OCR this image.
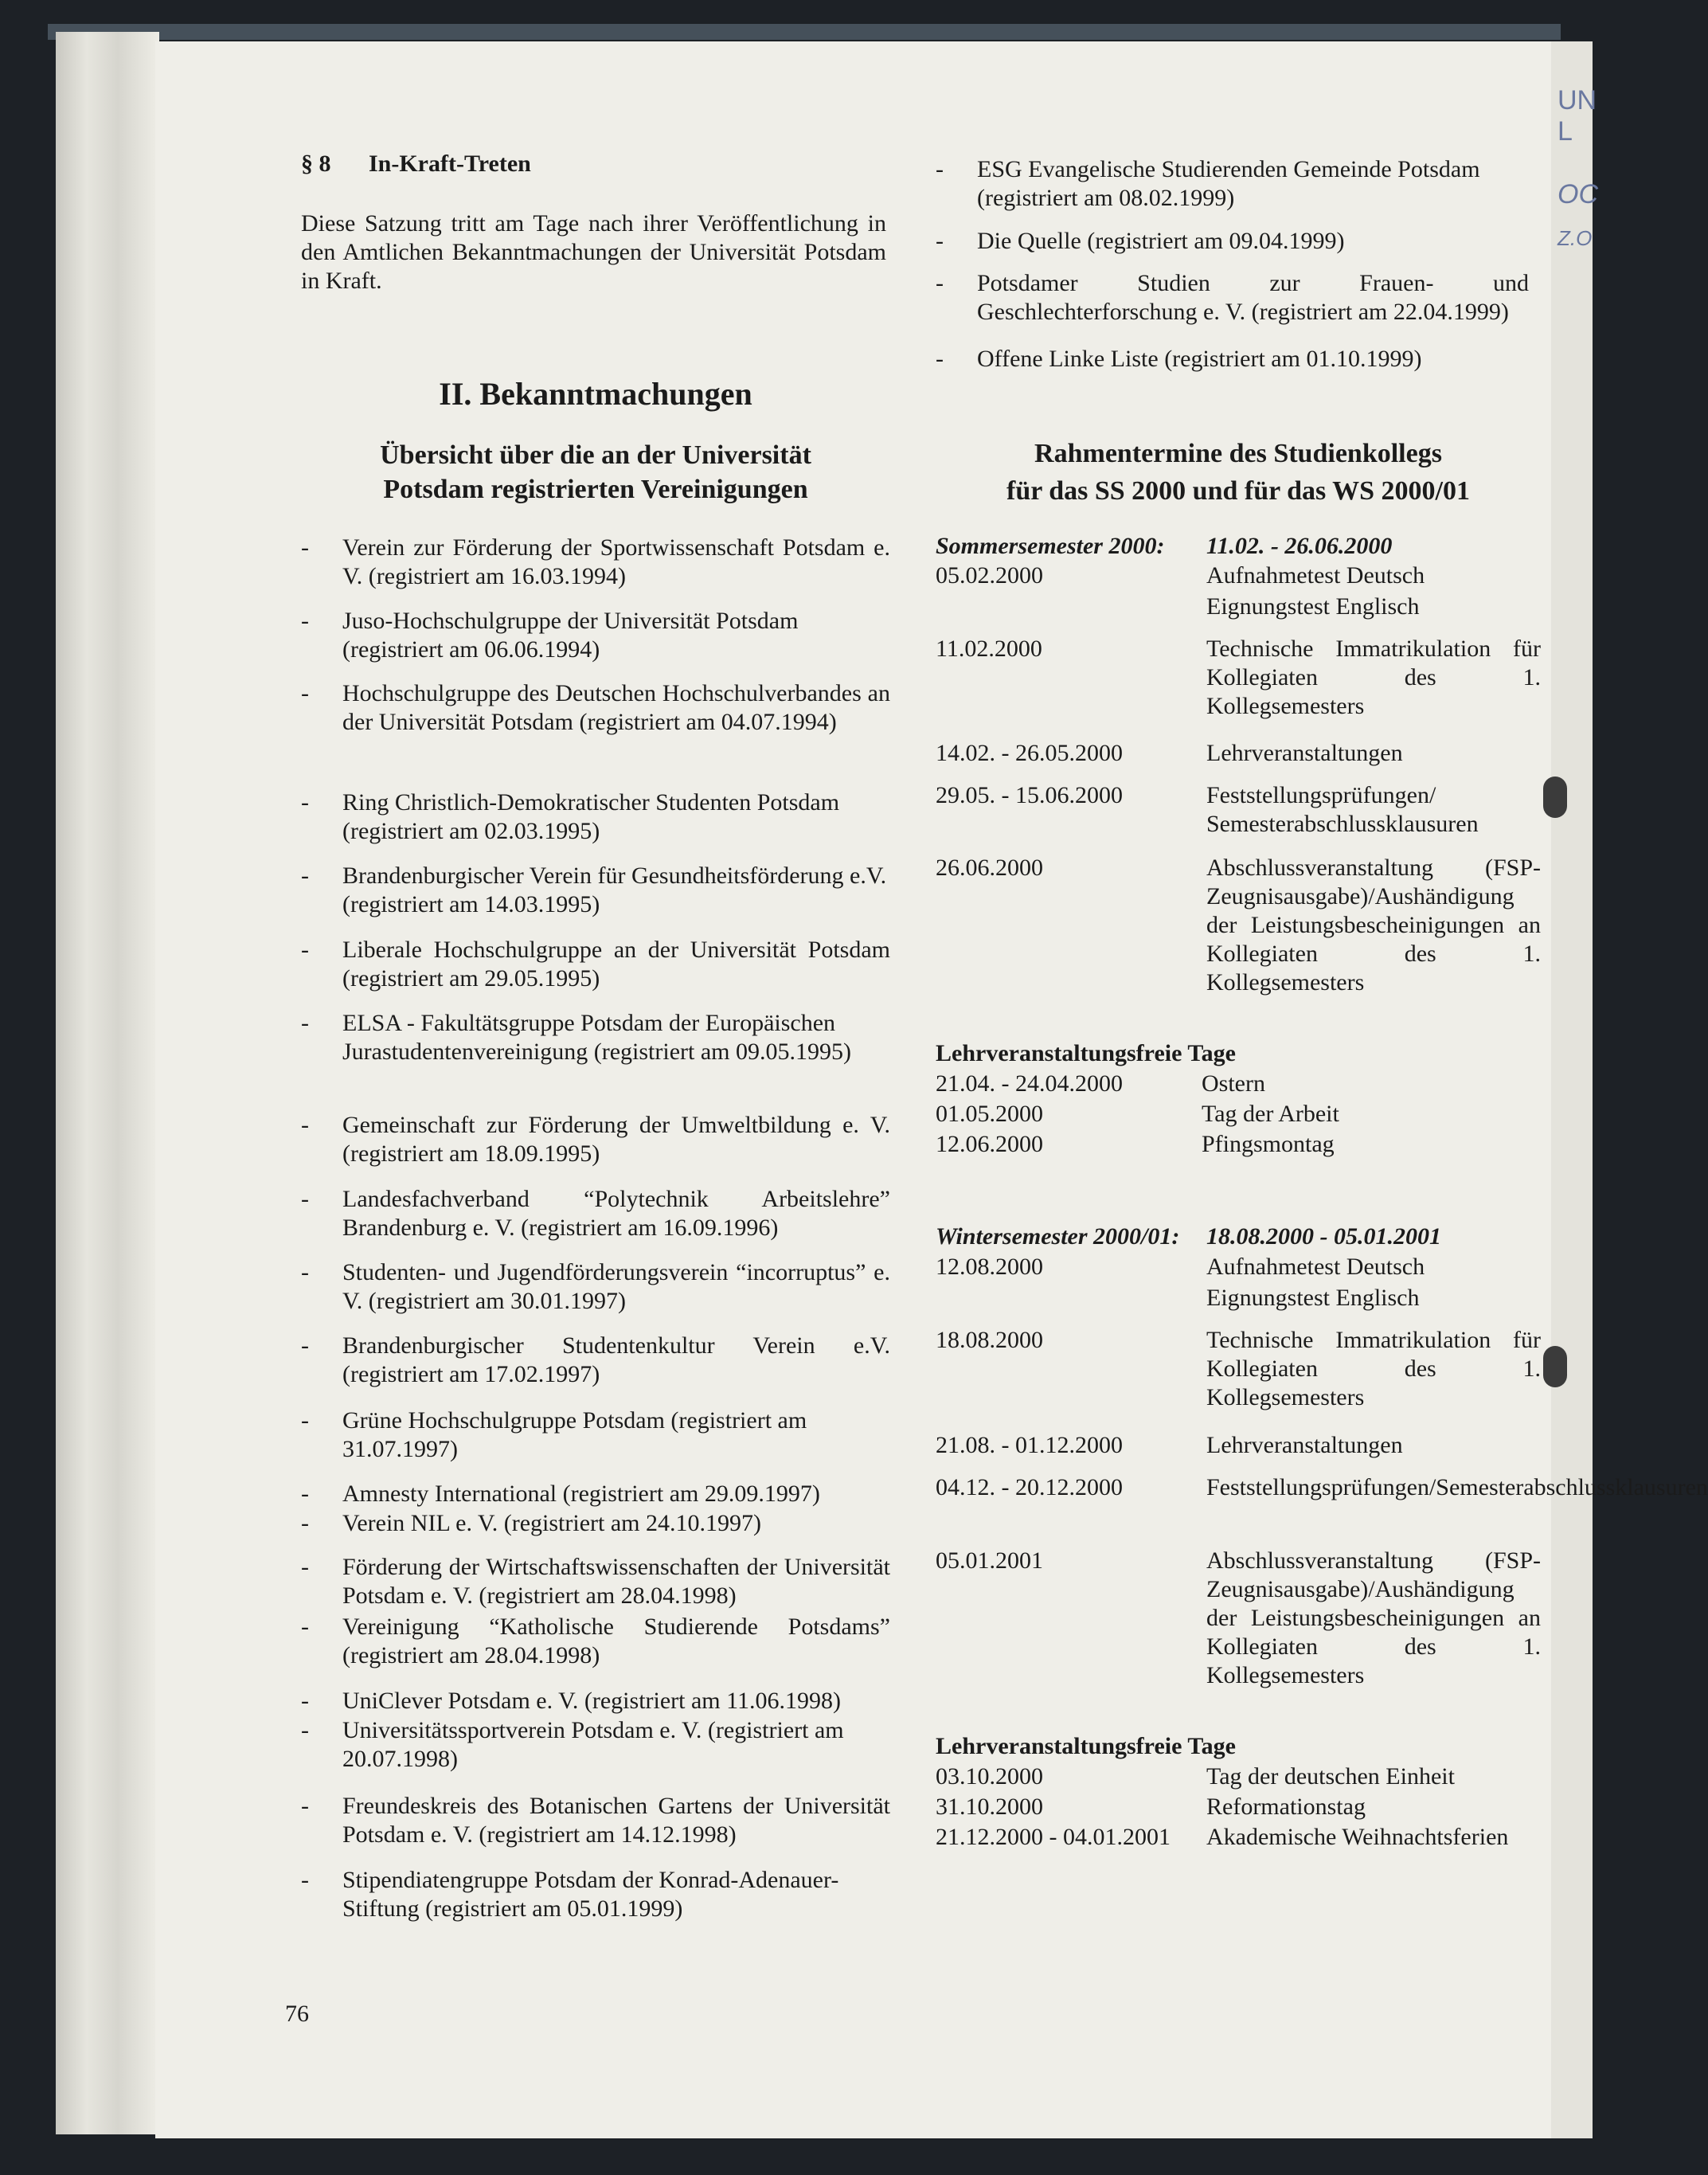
UN
L
OC
Z.O
§ 8 In-Kraft-Treten
Diese Satzung tritt am Tage nach ihrer Veröffentlichung in den Amtlichen Bekanntmachungen der Universität Potsdam in Kraft.
II. Bekanntmachungen
Übersicht über die an der Universität
Potsdam registrierten Vereinigungen
-	Verein zur Förderung der Sportwissenschaft Potsdam e. V. (registriert am 16.03.1994)
-	Juso-Hochschulgruppe der Universität Potsdam (registriert am 06.06.1994)
-	Hochschulgruppe des Deutschen Hochschulverbandes an der Universität Potsdam (registriert am 04.07.1994)
-	Ring Christlich-Demokratischer Studenten Potsdam (registriert am 02.03.1995)
-	Brandenburgischer Verein für Gesundheitsförderung e.V. (registriert am 14.03.1995)
-	Liberale Hochschulgruppe an der Universität Potsdam (registriert am 29.05.1995)
-	ELSA - Fakultätsgruppe Potsdam der Europäischen Jurastudentenvereinigung (registriert am 09.05.1995)
-	Gemeinschaft zur Förderung der Umweltbildung e. V. (registriert am 18.09.1995)
-	Landesfachverband “Polytechnik Arbeitslehre” Brandenburg e. V. (registriert am 16.09.1996)
-	Studenten- und Jugendförderungsverein “incorruptus” e. V. (registriert am 30.01.1997)
-	Brandenburgischer Studentenkultur Verein e.V. (registriert am 17.02.1997)
-	Grüne Hochschulgruppe Potsdam (registriert am 31.07.1997)
-	Amnesty International (registriert am 29.09.1997)
-	Verein NIL e. V. (registriert am 24.10.1997)
-	Förderung der Wirtschaftswissenschaften der Universität Potsdam e. V. (registriert am 28.04.1998)
-	Vereinigung “Katholische Studierende Potsdams” (registriert am 28.04.1998)
-	UniClever Potsdam e. V. (registriert am 11.06.1998)
-	Universitätssportverein Potsdam e. V. (registriert am 20.07.1998)
-	Freundeskreis des Botanischen Gartens der Universität Potsdam e. V. (registriert am 14.12.1998)
-	Stipendiatengruppe Potsdam der Konrad-Adenauer-Stiftung (registriert am 05.01.1999)
76
-	ESG Evangelische Studierenden Gemeinde Potsdam (registriert am 08.02.1999)
-	Die Quelle (registriert am 09.04.1999)
-	Potsdamer Studien zur Frauen- und Geschlechterforschung e. V. (registriert am 22.04.1999)
-	Offene Linke Liste (registriert am 01.10.1999)
Rahmentermine des Studienkollegs
für das SS 2000 und für das WS 2000/01
Sommersemester 2000:	11.02. - 26.06.2000
05.02.2000	Aufnahmetest Deutsch
Eignungstest Englisch
11.02.2000	Technische Immatrikulation für Kollegiaten des 1. Kollegsemesters
14.02. - 26.05.2000	Lehrveranstaltungen
29.05. - 15.06.2000	Feststellungsprüfungen/ Semesterabschlussklausuren
26.06.2000	Abschlussveranstaltung (FSP-Zeugnisausgabe)/Aushändigung der Leistungsbescheinigungen an Kollegiaten des 1. Kollegsemesters
Lehrveranstaltungsfreie Tage
21.04. - 24.04.2000	Ostern
01.05.2000	Tag der Arbeit
12.06.2000	Pfingsmontag
Wintersemester 2000/01:	18.08.2000 - 05.01.2001
12.08.2000	Aufnahmetest Deutsch
Eignungstest Englisch
18.08.2000	Technische Immatrikulation für Kollegiaten des 1. Kollegsemesters
21.08. - 01.12.2000	Lehrveranstaltungen
04.12. - 20.12.2000	Feststellungsprüfungen/Semesterabschlussklausuren
05.01.2001	Abschlussveranstaltung (FSP-Zeugnisausgabe)/Aushändigung der Leistungsbescheinigungen an Kollegiaten des 1. Kollegsemesters
Lehrveranstaltungsfreie Tage
03.10.2000	Tag der deutschen Einheit
31.10.2000	Reformationstag
21.12.2000 - 04.01.2001	Akademische Weihnachtsferien
